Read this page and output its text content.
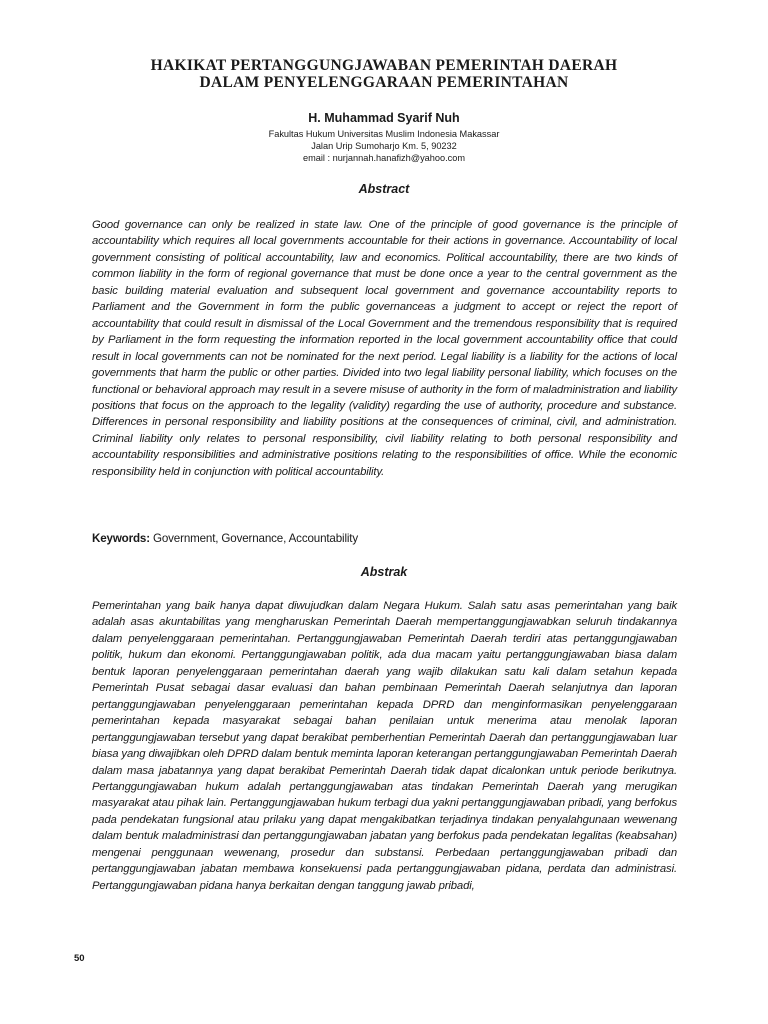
HAKIKAT PERTANGGUNGJAWABAN PEMERINTAH DAERAH
DALAM PENYELENGGARAAN PEMERINTAHAN
H. Muhammad Syarif Nuh
Fakultas Hukum Universitas Muslim Indonesia Makassar
Jalan Urip Sumoharjo Km. 5, 90232
email : nurjannah.hanafizh@yahoo.com
Abstract

Good governance can only be realized in state law. One of the principle of good governance is the principle of accountability which requires all local governments accountable for their actions in governance. Accountability of local government consisting of political accountability, law and economics. Political accountability, there are two kinds of common liability in the form of regional governance that must be done once a year to the central government as the basic building material evaluation and subsequent local government and governance accountability reports to Parliament and the Government in form the public governanceas a judgment to accept or reject the report of accountability that could result in dismissal of the Local Government and the tremendous responsibility that is required by Parliament in the form requesting the information reported in the local government accountability office that could result in local governments can not be nominated for the next period. Legal liability is a liability for the actions of local governments that harm the public or other parties. Divided into two legal liability personal liability, which focuses on the functional or behavioral approach may result in a severe misuse of authority in the form of maladministration and liability positions that focus on the approach to the legality (validity) regarding the use of authority, procedure and substance. Differences in personal responsibility and liability positions at the consequences of criminal, civil, and administration. Criminal liability only relates to personal responsibility, civil liability relating to both personal responsibility and accountability responsibilities and administrative positions relating to the responsibilities of office. While the economic responsibility held in conjunction with political accountability.

Keywords: Government, Governance, Accountability
Abstrak

Pemerintahan yang baik hanya dapat diwujudkan dalam Negara Hukum. Salah satu asas pemerintahan yang baik adalah asas akuntabilitas yang mengharuskan Pemerintah Daerah mempertanggungjawabkan seluruh tindakannya dalam penyelenggaraan pemerintahan. Pertanggungjawaban Pemerintah Daerah terdiri atas pertanggungjawaban politik, hukum dan ekonomi. Pertanggungjawaban politik, ada dua macam yaitu pertanggungjawaban biasa dalam bentuk laporan penyelenggaraan pemerintahan daerah yang wajib dilakukan satu kali dalam setahun kepada Pemerintah Pusat sebagai dasar evaluasi dan bahan pembinaan Pemerintah Daerah selanjutnya dan laporan pertanggungjawaban penyelenggaraan pemerintahan kepada DPRD dan menginformasikan penyelenggaraan pemerintahan kepada masyarakat sebagai bahan penilaian untuk menerima atau menolak laporan pertanggungjawaban tersebut yang dapat berakibat pemberhentian Pemerintah Daerah dan pertanggungjawaban luar biasa yang diwajibkan oleh DPRD dalam bentuk meminta laporan keterangan pertanggungjawaban Pemerintah Daerah dalam masa jabatannya yang dapat berakibat Pemerintah Daerah tidak dapat dicalonkan untuk periode berikutnya. Pertanggungjawaban hukum adalah pertanggungjawaban atas tindakan Pemerintah Daerah yang merugikan masyarakat atau pihak lain. Pertanggungjawaban hukum terbagi dua yakni pertanggungjawaban pribadi, yang berfokus pada pendekatan fungsional atau prilaku yang dapat mengakibatkan terjadinya tindakan penyalahgunaan wewenang dalam bentuk maladministrasi dan pertanggungjawaban jabatan yang berfokus pada pendekatan legalitas (keabsahan) mengenai penggunaan wewenang, prosedur dan substansi. Perbedaan pertanggungjawaban pribadi dan pertanggungjawaban jabatan membawa konsekuensi pada pertanggungjawaban pidana, perdata dan administrasi. Pertanggungjawaban pidana hanya berkaitan dengan tanggung jawab pribadi,

50
